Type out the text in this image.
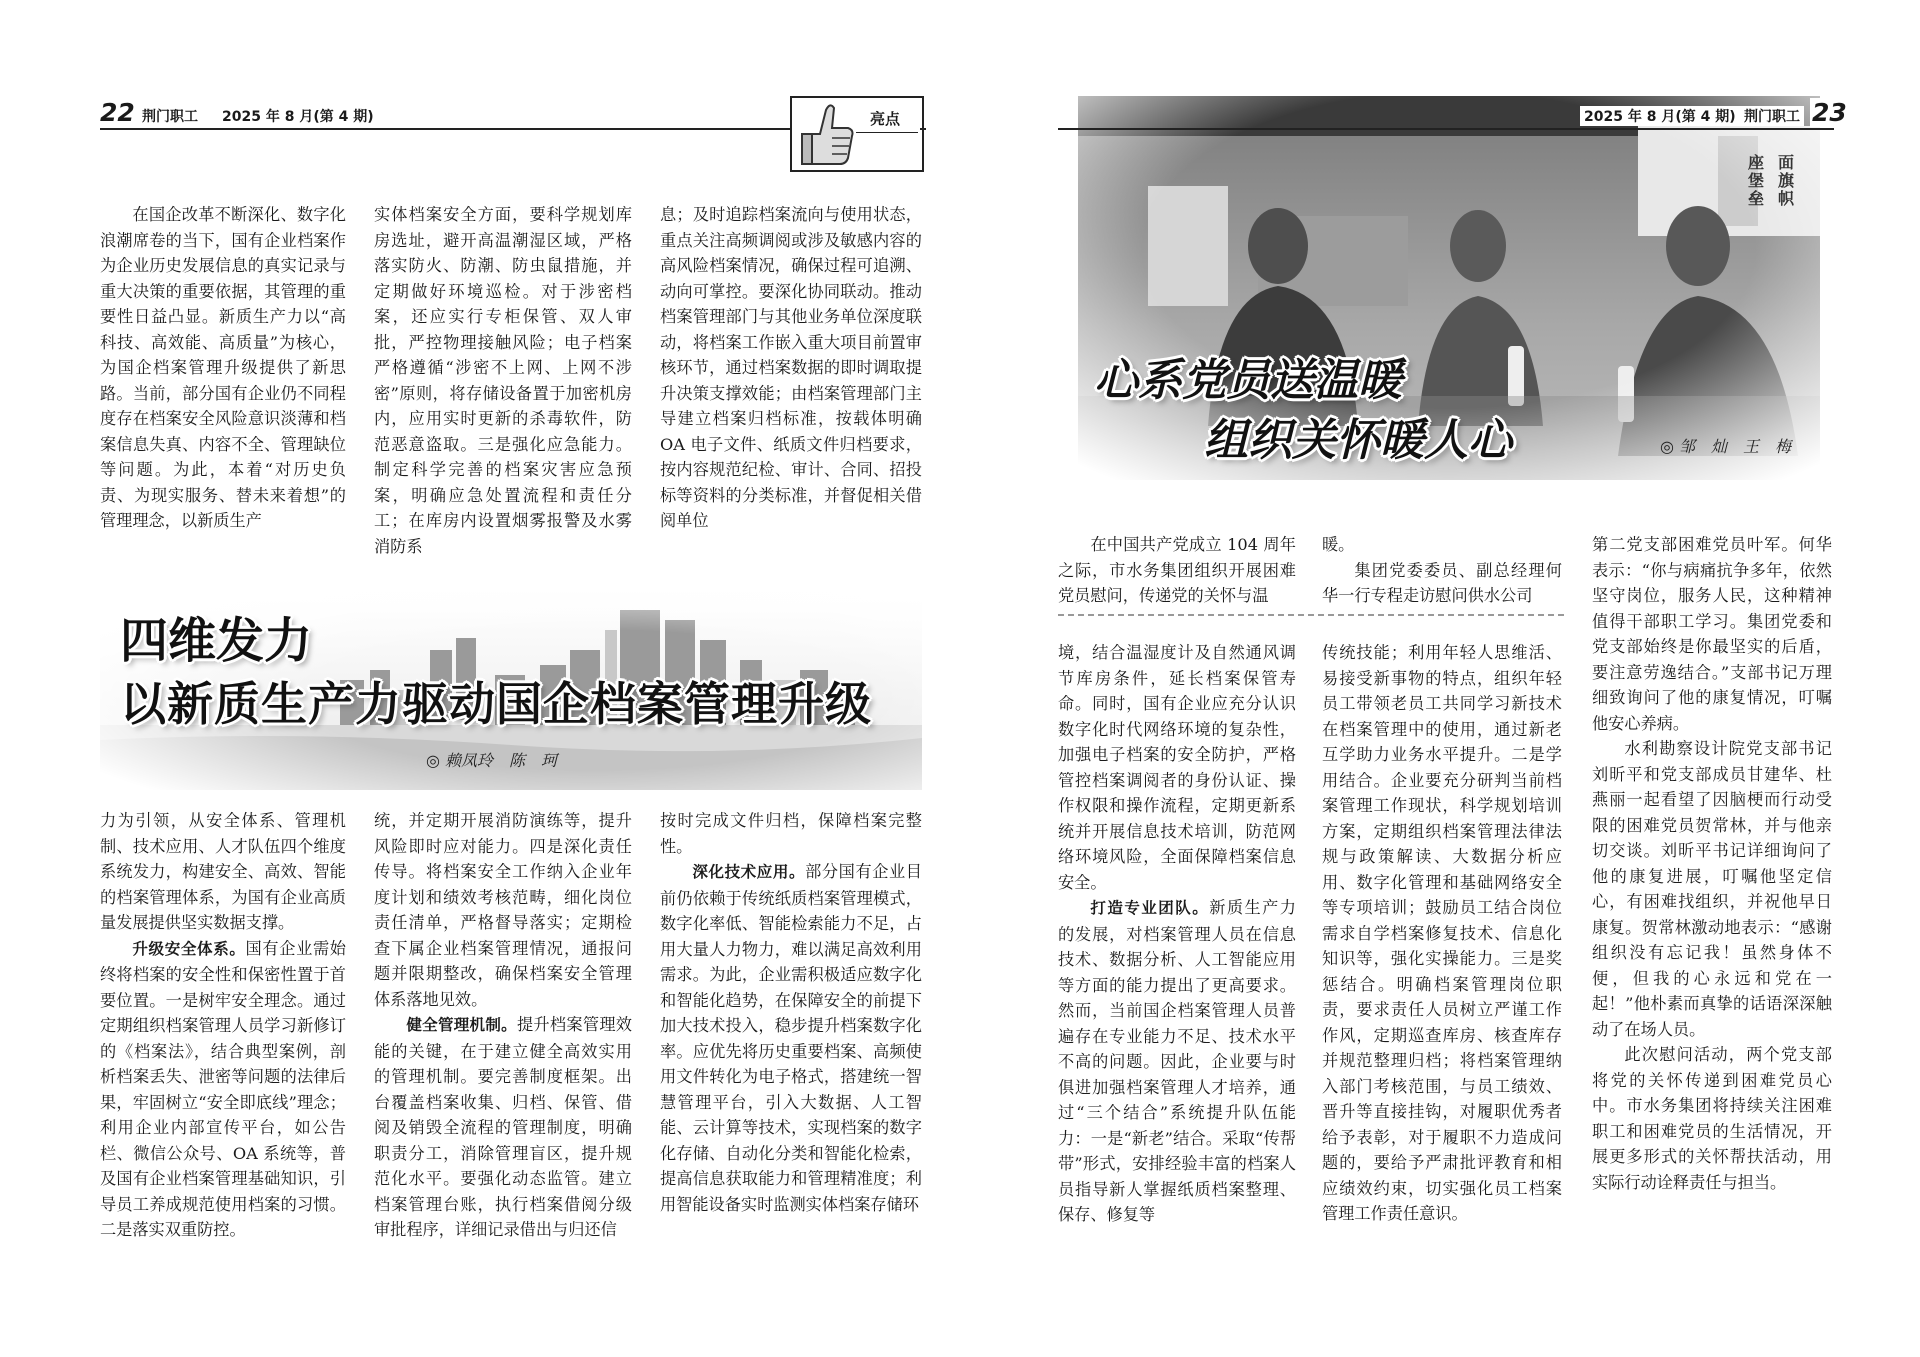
22 荆门职工 2025 年 8 月(第 4 期)	亮点

在国企改革不断深化、数字化浪潮席卷的当下，国有企业档案作为企业历史发展信息的真实记录与重大决策的重要依据，其管理的重要性日益凸显。新质生产力以“高科技、高效能、高质量”为核心，为国企档案管理升级提供了新思路。当前，部分国有企业仍不同程度存在档案安全风险意识淡薄和档案信息失真、内容不全、管理缺位等问题。为此，本着“对历史负责、为现实服务、替未来着想”的管理理念，以新质生产

实体档案安全方面，要科学规划库房选址，避开高温潮湿区域，严格落实防火、防潮、防虫鼠措施，并定期做好环境巡检。对于涉密档案，还应实行专柜保管、双人审批，严控物理接触风险；电子档案严格遵循“涉密不上网、上网不涉密”原则，将存储设备置于加密机房内，应用实时更新的杀毒软件，防范恶意盗取。三是强化应急能力。制定科学完善的档案灾害应急预案，明确应急处置流程和责任分工；在库房内设置烟雾报警及水雾消防系

息；及时追踪档案流向与使用状态，重点关注高频调阅或涉及敏感内容的高风险档案情况，确保过程可追溯、动向可掌控。要深化协同联动。推动档案管理部门与其他业务单位深度联动，将档案工作嵌入重大项目前置审核环节，通过档案数据的即时调取提升决策支撑效能；由档案管理部门主导建立档案归档标准，按载体明确 OA 电子文件、纸质文件归档要求，按内容规范纪检、审计、合同、招投标等资料的分类标准，并督促相关借阅单位

四维发力
以新质生产力驱动国企档案管理升级
◎ 赖凤玲　陈　珂

力为引领，从安全体系、管理机制、技术应用、人才队伍四个维度系统发力，构建安全、高效、智能的档案管理体系，为国有企业高质量发展提供坚实数据支撑。

升级安全体系。国有企业需始终将档案的安全性和保密性置于首要位置。一是树牢安全理念。通过定期组织档案管理人员学习新修订的《档案法》，结合典型案例，剖析档案丢失、泄密等问题的法律后果，牢固树立“安全即底线”理念；利用企业内部宣传平台，如公告栏、微信公众号、OA 系统等，普及国有企业档案管理基础知识，引导员工养成规范使用档案的习惯。二是落实双重防控。

统，并定期开展消防演练等，提升风险即时应对能力。四是深化责任传导。将档案安全工作纳入企业年度计划和绩效考核范畴，细化岗位责任清单，严格督导落实；定期检查下属企业档案管理情况，通报问题并限期整改，确保档案安全管理体系落地见效。

健全管理机制。提升档案管理效能的关键，在于建立健全高效实用的管理机制。要完善制度框架。出台覆盖档案收集、归档、保管、借阅及销毁全流程的管理制度，明确职责分工，消除管理盲区，提升规范化水平。要强化动态监管。建立档案管理台账，执行档案借阅分级审批程序，详细记录借出与归还信

按时完成文件归档，保障档案完整性。

深化技术应用。部分国有企业目前仍依赖于传统纸质档案管理模式，数字化率低、智能检索能力不足，占用大量人力物力，难以满足高效利用需求。为此，企业需积极适应数字化和智能化趋势，在保障安全的前提下加大技术投入，稳步提升档案数字化率。应优先将历史重要档案、高频使用文件转化为电子格式，搭建统一智慧管理平台，引入大数据、人工智能、云计算等技术，实现档案的数字化存储、自动化分类和智能化检索，提高信息获取能力和管理精准度；利用智能设备实时监测实体档案存储环

座堡垒
面旗帜
2025 年 8 月(第 4 期) 荆门职工 23
心系党员送温暖
组织关怀暖人心	◎ 邹　灿　王　梅

在中国共产党成立 104 周年之际，市水务集团组织开展困难党员慰问，传递党的关怀与温

暖。

集团党委委员、副总经理何华一行专程走访慰问供水公司

第二党支部困难党员叶军。何华表示：“你与病痛抗争多年，依然坚守岗位，服务人民，这种精神值得干部职工学习。集团党委和党支部始终是你最坚实的后盾，要注意劳逸结合。”支部书记万理细致询问了他的康复情况，叮嘱他安心养病。

水利勘察设计院党支部书记刘昕平和党支部成员甘建华、杜燕丽一起看望了因脑梗而行动受限的困难党员贺常林，并与他亲切交谈。刘昕平书记详细询问了他的康复进展，叮嘱他坚定信心，有困难找组织，并祝他早日康复。贺常林激动地表示：“感谢组织没有忘记我！虽然身体不便，但我的心永远和党在一起！”他朴素而真挚的话语深深触动了在场人员。

此次慰问活动，两个党支部将党的关怀传递到困难党员心中。市水务集团将持续关注困难职工和困难党员的生活情况，开展更多形式的关怀帮扶活动，用实际行动诠释责任与担当。

境，结合温湿度计及自然通风调节库房条件，延长档案保管寿命。同时，国有企业应充分认识数字化时代网络环境的复杂性，加强电子档案的安全防护，严格管控档案调阅者的身份认证、操作权限和操作流程，定期更新系统并开展信息技术培训，防范网络环境风险，全面保障档案信息安全。

打造专业团队。新质生产力的发展，对档案管理人员在信息技术、数据分析、人工智能应用等方面的能力提出了更高要求。然而，当前国企档案管理人员普遍存在专业能力不足、技术水平不高的问题。因此，企业要与时俱进加强档案管理人才培养，通过“三个结合”系统提升队伍能力：一是“新老”结合。采取“传帮带”形式，安排经验丰富的档案人员指导新人掌握纸质档案整理、保存、修复等

传统技能；利用年轻人思维活、易接受新事物的特点，组织年轻员工带领老员工共同学习新技术在档案管理中的使用，通过新老互学助力业务水平提升。二是学用结合。企业要充分研判当前档案管理工作现状，科学规划培训方案，定期组织档案管理法律法规与政策解读、大数据分析应用、数字化管理和基础网络安全等专项培训；鼓励员工结合岗位需求自学档案修复技术、信息化知识等，强化实操能力。三是奖惩结合。明确档案管理岗位职责，要求责任人员树立严谨工作作风，定期巡查库房、核查库存并规范整理归档；将档案管理纳入部门考核范围，与员工绩效、晋升等直接挂钩，对履职优秀者给予表彰，对于履职不力造成问题的，要给予严肃批评教育和相应绩效约束，切实强化员工档案管理工作责任意识。
